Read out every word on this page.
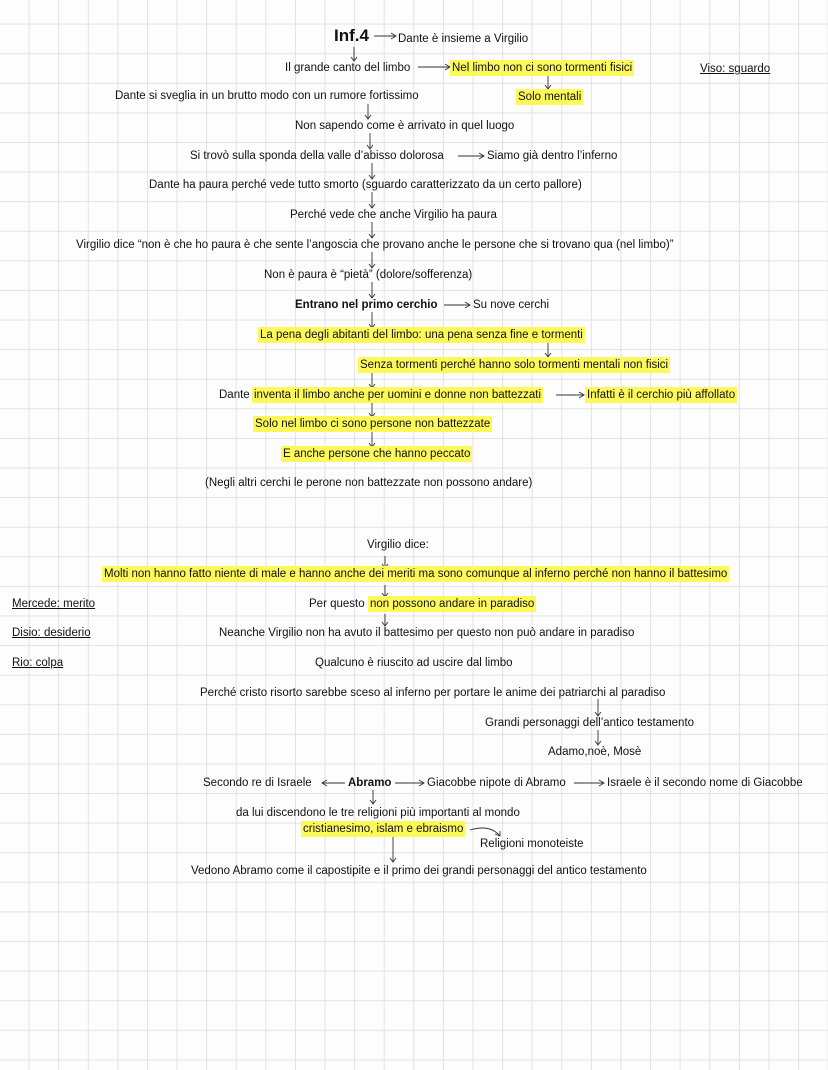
Inf.4	Dante è insieme a Virgilio
Il grande canto del limbo	Nel limbo non ci sono tormenti fisici	Viso: sguardo
Dante si sveglia in un brutto modo con un rumore fortissimo	Solo mentali
Non sapendo come è arrivato in quel luogo
Si trovò sulla sponda della valle d’abisso dolorosa	Siamo già dentro l’inferno
Dante ha paura perché vede tutto smorto (sguardo caratterizzato da un certo pallore)
Perché vede che anche Virgilio ha paura
Virgilio dice “non è che ho paura è che sente l’angoscia che provano anche le persone che si trovano qua (nel limbo)”
Non è paura è “pietà” (dolore/sofferenza)
Entrano nel primo cerchio	Su nove cerchi
La pena degli abitanti del limbo: una pena senza fine e tormenti
Senza tormenti perché hanno solo tormenti mentali non fisici
Dante inventa il limbo anche per uomini e donne non battezzati	Infatti è il cerchio più affollato
Solo nel limbo ci sono persone non battezzate
E anche persone che hanno peccato
(Negli altri cerchi le perone non battezzate non possono andare)
Virgilio dice:
Molti non hanno fatto niente di male e hanno anche dei meriti ma sono comunque al inferno perché non hanno il battesimo
Mercede: merito	Per questo non possono andare in paradiso
Disio: desiderio	Neanche Virgilio non ha avuto il battesimo per questo non può andare in paradiso
Rio: colpa	Qualcuno è riuscito ad uscire dal limbo
Perché cristo risorto sarebbe sceso al inferno per portare le anime dei patriarchi al paradiso
Grandi personaggi dell’antico testamento
Adamo,noè, Mosè
Secondo re di Israele	Abramo	Giacobbe nipote di Abramo	Israele è il secondo nome di Giacobbe
da lui discendono le tre religioni più importanti al mondo
cristianesimo, islam e ebraismo
Religioni monoteiste
Vedono Abramo come il capostipite e il primo dei grandi personaggi del antico testamento
